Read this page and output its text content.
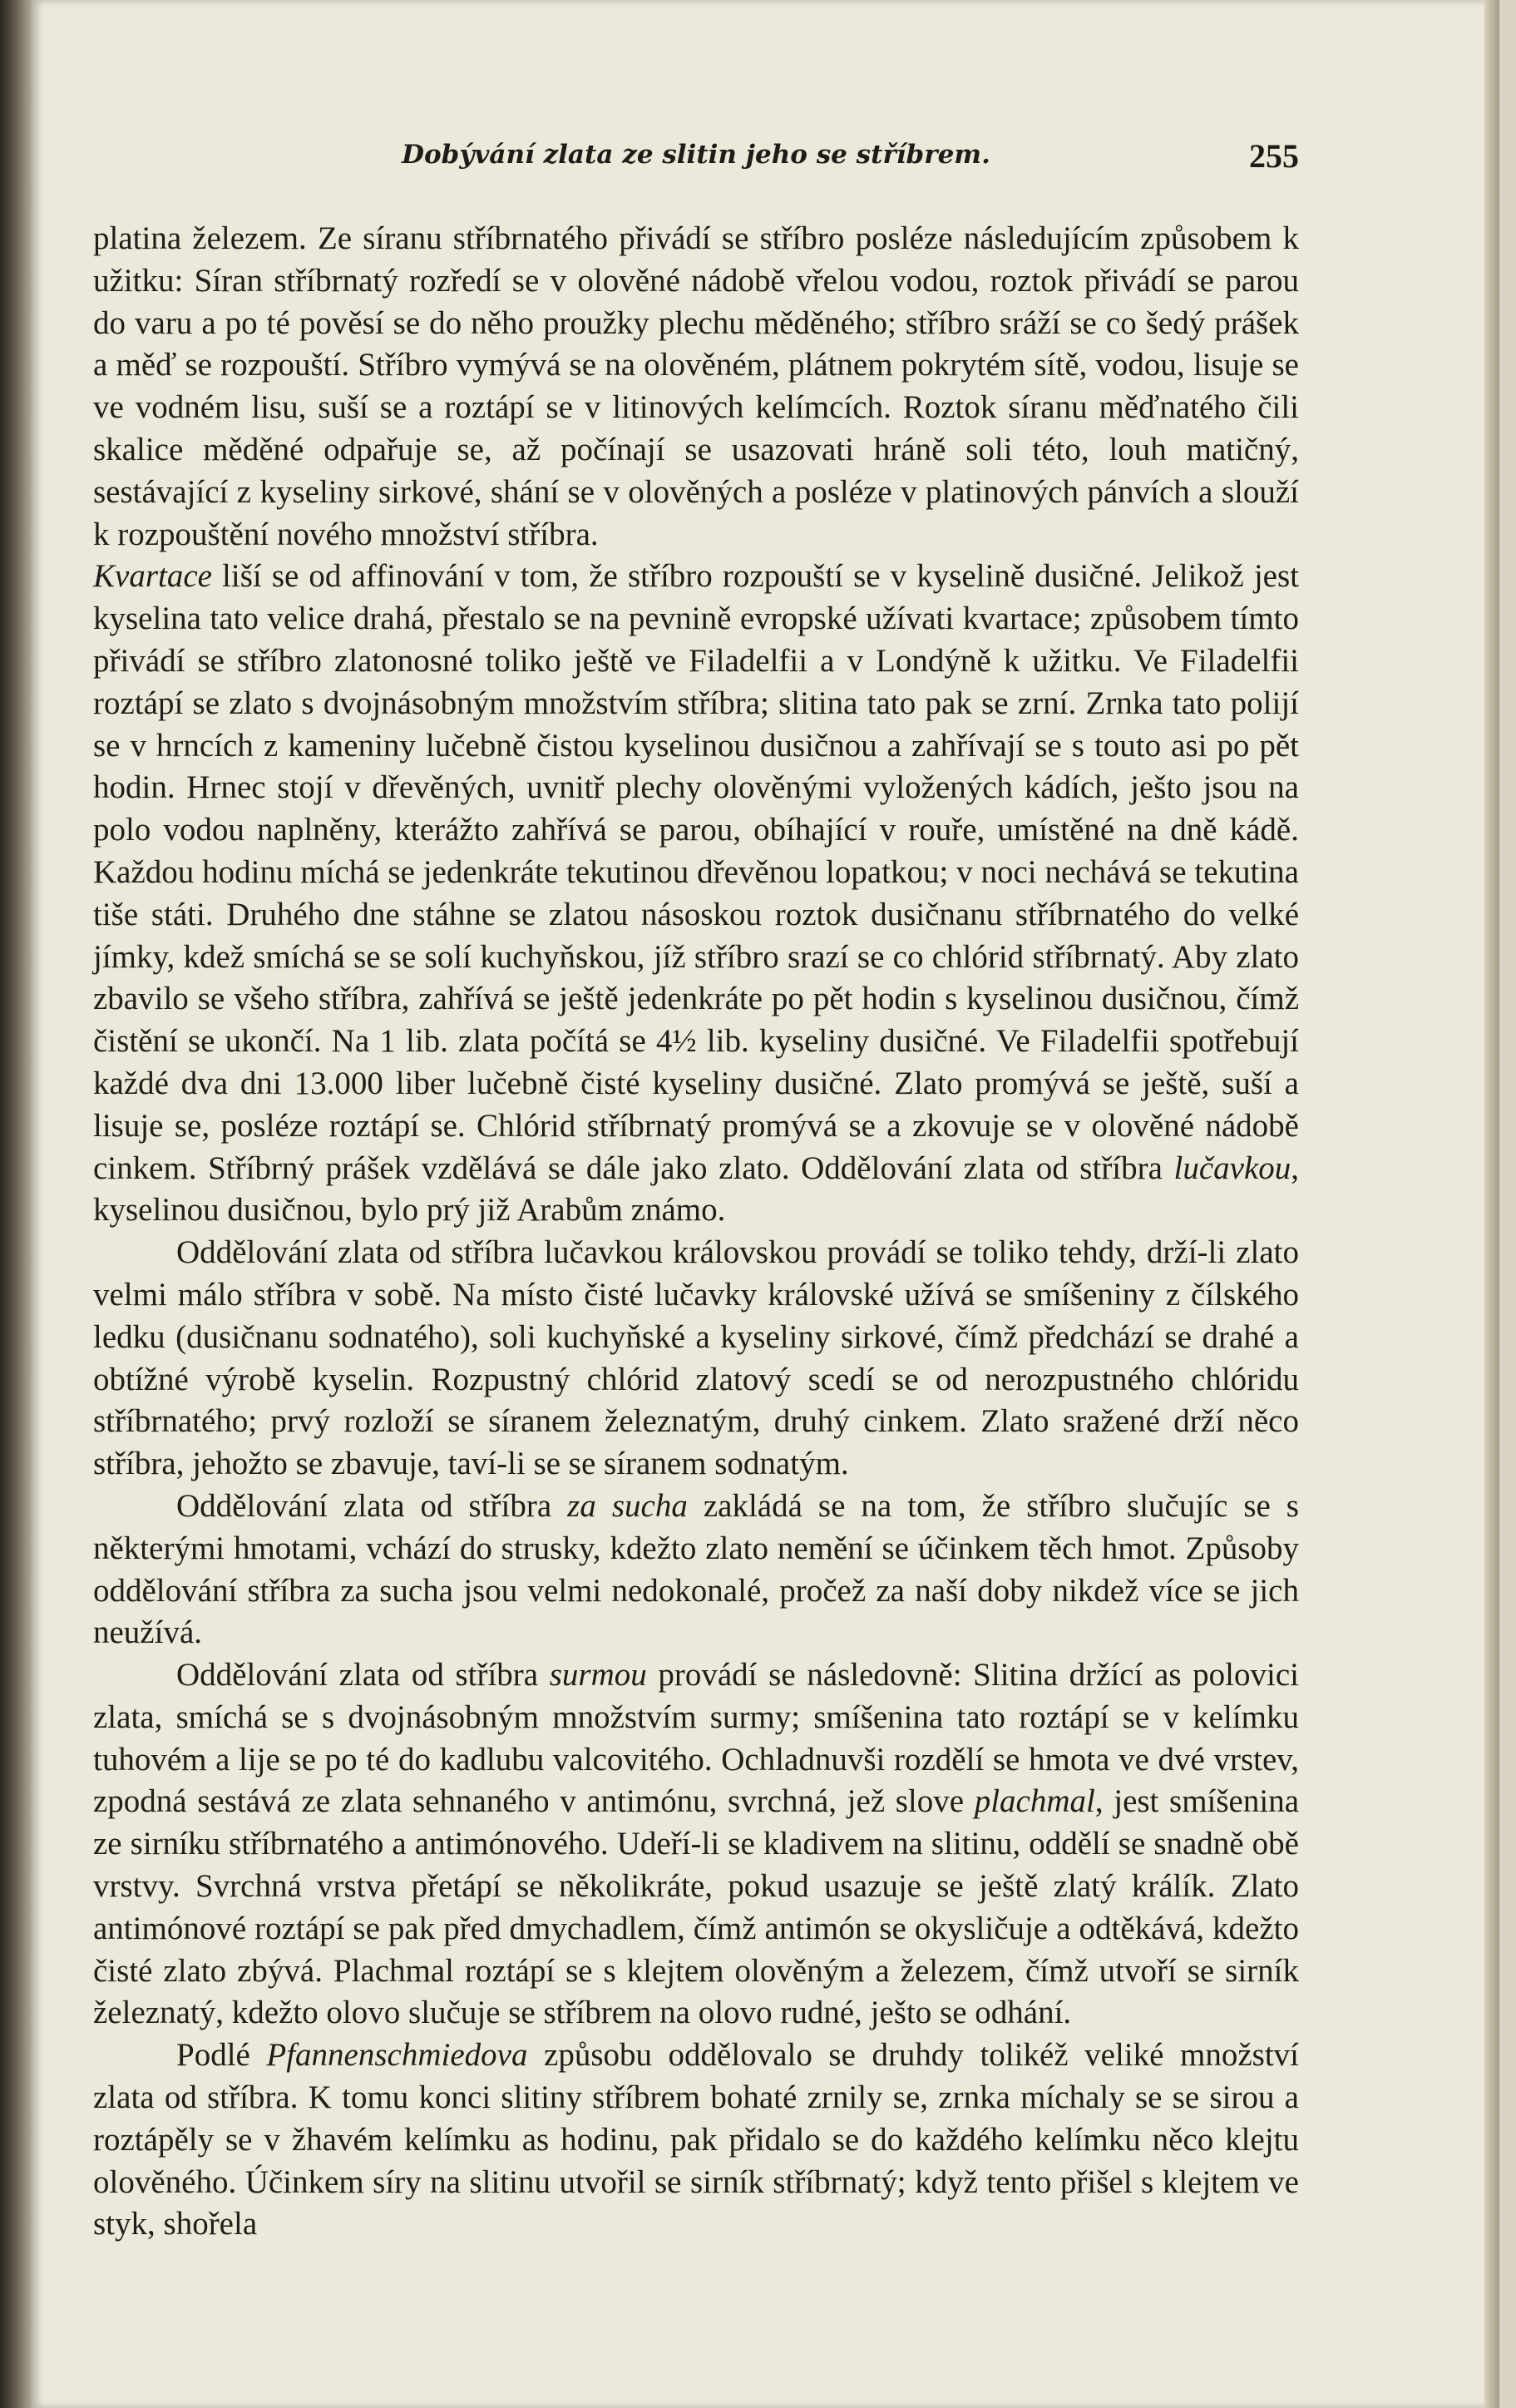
Dobývání zlata ze slitin jeho se stříbrem.	255

platina železem. Ze síranu stříbrnatého přivádí se stříbro posléze následujícím způsobem k užitku: Síran stříbrnatý rozředí se v olověné nádobě vřelou vodou, roztok přivádí se parou do varu a po té pověsí se do něho proužky plechu měděného; stříbro sráží se co šedý prášek a měď se rozpouští. Stříbro vymývá se na olověném, plátnem pokrytém sítě, vodou, lisuje se ve vodném lisu, suší se a roztápí se v litinových kelímcích. Roztok síranu měďnatého čili skalice měděné odpařuje se, až počínají se usazovati hráně soli této, louh matičný, sestávající z kyseliny sirkové, shání se v olověných a posléze v platinových pánvích a slouží k rozpouštění nového množství stříbra.

Kvartace liší se od affinování v tom, že stříbro rozpouští se v kyselině dusičné. Jelikož jest kyselina tato velice drahá, přestalo se na pevnině evropské užívati kvartace; způsobem tímto přivádí se stříbro zlatonosné toliko ještě ve Filadelfii a v Londýně k užitku. Ve Filadelfii roztápí se zlato s dvojnásobným množstvím stříbra; slitina tato pak se zrní. Zrnka tato polijí se v hrncích z kameniny lučebně čistou kyselinou dusičnou a zahřívají se s touto asi po pět hodin. Hrnec stojí v dřevěných, uvnitř plechy olověnými vyložených kádích, ješto jsou na polo vodou naplněny, kterážto zahřívá se parou, obíhající v rouře, umístěné na dně kádě. Každou hodinu míchá se jedenkráte tekutinou dřevěnou lopatkou; v noci nechává se tekutina tiše státi. Druhého dne stáhne se zlatou násoskou roztok dusičnanu stříbrnatého do velké jímky, kdež smíchá se se solí kuchyňskou, jíž stříbro srazí se co chlórid stříbrnatý. Aby zlato zbavilo se všeho stříbra, zahřívá se ještě jedenkráte po pět hodin s kyselinou dusičnou, čímž čistění se ukončí. Na 1 lib. zlata počítá se 4½ lib. kyseliny dusičné. Ve Filadelfii spotřebují každé dva dni 13.000 liber lučebně čisté kyseliny dusičné. Zlato promývá se ještě, suší a lisuje se, posléze roztápí se. Chlórid stříbrnatý promývá se a zkovuje se v olověné nádobě cinkem. Stříbrný prášek vzdělává se dále jako zlato. Oddělování zlata od stříbra lučavkou, kyselinou dusičnou, bylo prý již Arabům známo.

Oddělování zlata od stříbra lučavkou královskou provádí se toliko tehdy, drží-li zlato velmi málo stříbra v sobě. Na místo čisté lučavky královské užívá se smíšeniny z čílského ledku (dusičnanu sodnatého), soli kuchyňské a kyseliny sirkové, čímž předchází se drahé a obtížné výrobě kyselin. Rozpustný chlórid zlatový scedí se od nerozpustného chlóridu stříbrnatého; prvý rozloží se síranem železnatým, druhý cinkem. Zlato sražené drží něco stříbra, jehožto se zbavuje, taví-li se se síranem sodnatým.

Oddělování zlata od stříbra za sucha zakládá se na tom, že stříbro slučujíc se s některými hmotami, vchází do strusky, kdežto zlato nemění se účinkem těch hmot. Způsoby oddělování stříbra za sucha jsou velmi nedokonalé, pročež za naší doby nikdež více se jich neužívá.

Oddělování zlata od stříbra surmou provádí se následovně: Slitina držící as polovici zlata, smíchá se s dvojnásobným množstvím surmy; smíšenina tato roztápí se v kelímku tuhovém a lije se po té do kadlubu valcovitého. Ochladnuvši rozdělí se hmota ve dvé vrstev, zpodná sestává ze zlata sehnaného v antimónu, svrchná, jež slove plachmal, jest smíšenina ze sirníku stříbrnatého a antimónového. Udeří-li se kladivem na slitinu, oddělí se snadně obě vrstvy. Svrchná vrstva přetápí se několikráte, pokud usazuje se ještě zlatý králík. Zlato antimónové roztápí se pak před dmychadlem, čímž antimón se okysličuje a odtěkává, kdežto čisté zlato zbývá. Plachmal roztápí se s klejtem olověným a železem, čímž utvoří se sirník železnatý, kdežto olovo slučuje se stříbrem na olovo rudné, ješto se odhání.

Podlé Pfannenschmiedova způsobu oddělovalo se druhdy tolikéž veliké množství zlata od stříbra. K tomu konci slitiny stříbrem bohaté zrnily se, zrnka míchaly se se sirou a roztápěly se v žhavém kelímku as hodinu, pak přidalo se do každého kelímku něco klejtu olověného. Účinkem síry na slitinu utvořil se sirník stříbrnatý; když tento přišel s klejtem ve styk, shořela
